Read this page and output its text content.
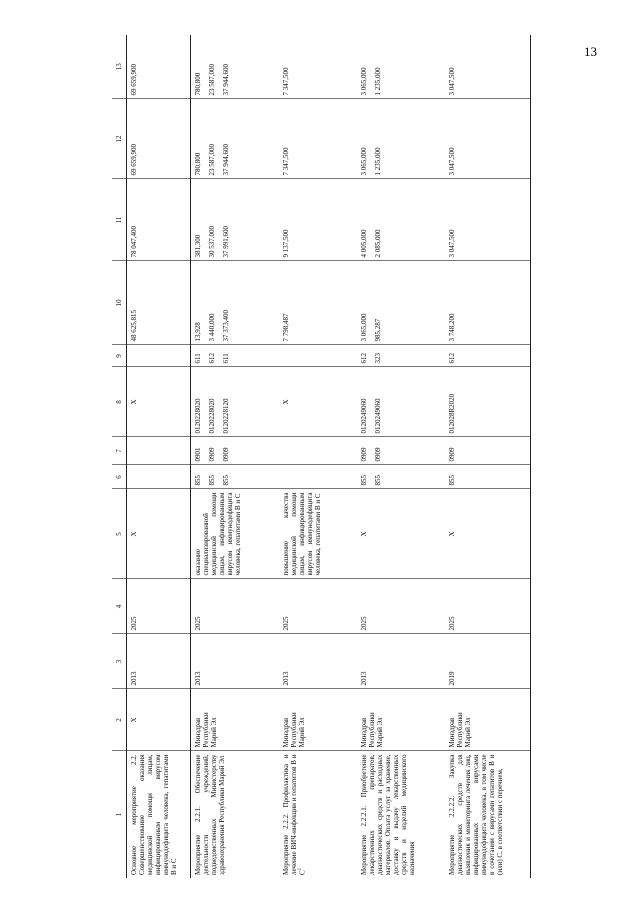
13
1	2	3	4	5	6	7	8	9	10	11	12	13
Основное мероприятие 2.2. Совершенствование оказания медицинской помощи лицам, инфицированным вирусом иммунодефицита человека, гепатитами В и С	X	2013	2025	X			X		48 625,815	78 047,400	69 659,900	69 659,900
Мероприятие 2.2.1. Обеспечение деятельности учреждений, подведомственных Министерству здравоохранения Республики Марий Эл	Минздрав Республики Марий Эл	2013	2025	оказание специализированной медицинской помощи лицам, инфицированным вирусом иммунодефицита человека, гепатитами В и С	855 855 855	0901 0909 0909	0120228020 0120228020 0120228120	611 612 611	13,928 3 440,000 37 373,400	381,300 30 537,000 37 991,600	780,800 23 587,000 37 944,600	780,800 23 587,000 37 944,600

Мероприятие 2.2.2. Профилактика и лечение ВИЧ-инфекции и гепатитов В и $С^1$	Минздрав Республики Марий Эл	2013	2025	повышение качества медицинской помощи лицам, инфицированным вирусом иммунодефицита человека, гепатитами В и С			X		7 798,487	9 137,500	7 347,500	7 347,500
Мероприятие 2.2.2.1. Приобретение лекарственных препаратов, диагностических средств и расходных материалов. Оплата услуг за хранение, доставку и выдачу лекарственных средств и изделий медицинского назначения	Минздрав Республики Марий Эл	2013	2025	X	855 855	0909 0909	0120249060 0120249060	612 323	3 065,000 985,287	4 005,000 2 085,000	3 065,000 1 235,000	3 065,000 1 235,000

Мероприятие 2.2.2.2. Закупка диагностических средств для выявления и мониторинга лечения лиц, инфицированных вирусами иммунодефицита человека, в том числе в сочетании с вирусами гепатитов В и (или) С, в соответствии с перечнем,	Минздрав Республики Марий Эл	2019	2025	X	855	0909	012028R2020	612	3 748,200	3 047,500	3 047,500	3 047,500
